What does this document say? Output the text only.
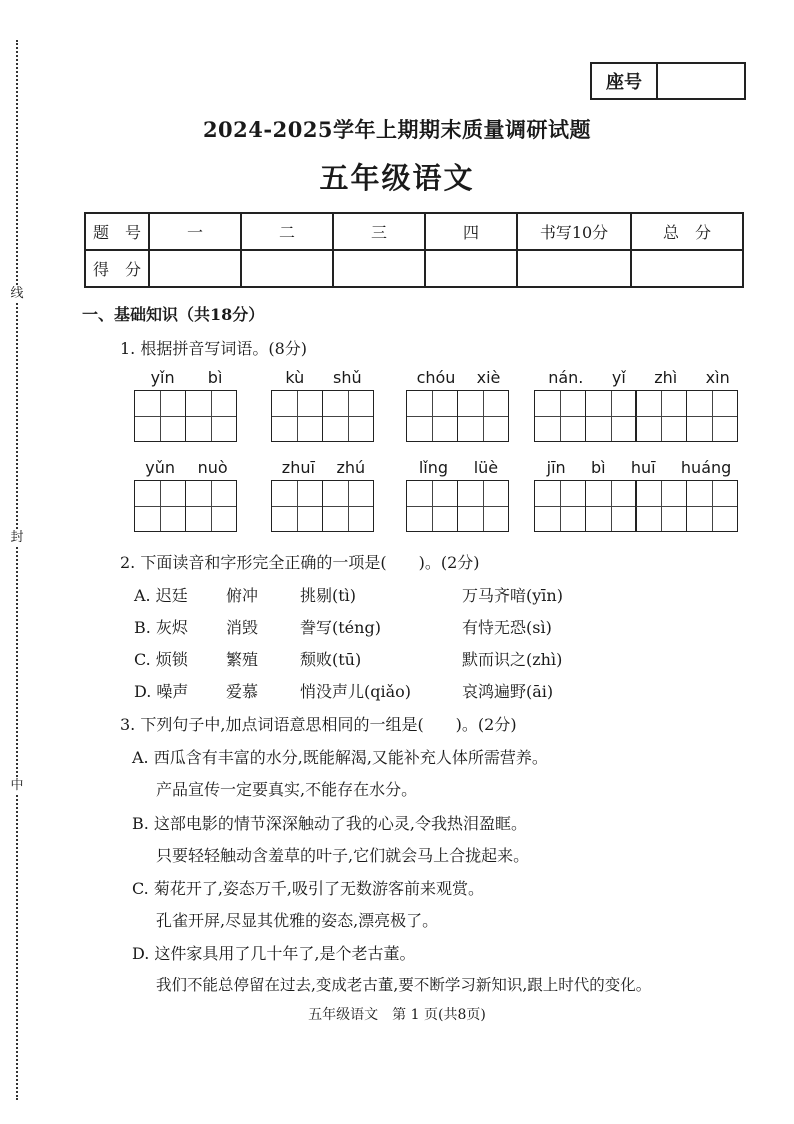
线
封
中
座号
2024-2025学年上期期末质量调研试题
五年级语文
题　号	一	二	三	四	书写10分	总　分
得　分						
一、基础知识（共18分）
1. 根据拼音写词语。(8分)
yǐn bì	kù shǔ	chóu xiè	nán. yǐ zhì xìn
yǔn nuò	zhuī zhú	lǐng lüè	jīn bì huī huáng
2. 下面读音和字形完全正确的一项是(　　)。(2分)
A. 迟廷 俯冲	挑剔(tì)	万马齐喑(yīn)
B. 灰烬 消毁	誊写(téng)	有恃无恐(sì)
C. 烦锁 繁殖	颓败(tū)	默而识之(zhì)
D. 噪声 爱慕	悄没声儿(qiǎo)	哀鸿遍野(āi)
3. 下列句子中,加点词语意思相同的一组是(　　)。(2分)
A. 西瓜含有丰富的水分,既能解渴,又能补充人体所需营养。
产品宣传一定要真实,不能存在水分。
B. 这部电影的情节深深触动了我的心灵,令我热泪盈眶。
只要轻轻触动含羞草的叶子,它们就会马上合拢起来。
C. 菊花开了,姿态万千,吸引了无数游客前来观赏。
孔雀开屏,尽显其优雅的姿态,漂亮极了。
D. 这件家具用了几十年了,是个老古董。
我们不能总停留在过去,变成老古董,要不断学习新知识,跟上时代的变化。
五年级语文　第 1 页(共8页)
